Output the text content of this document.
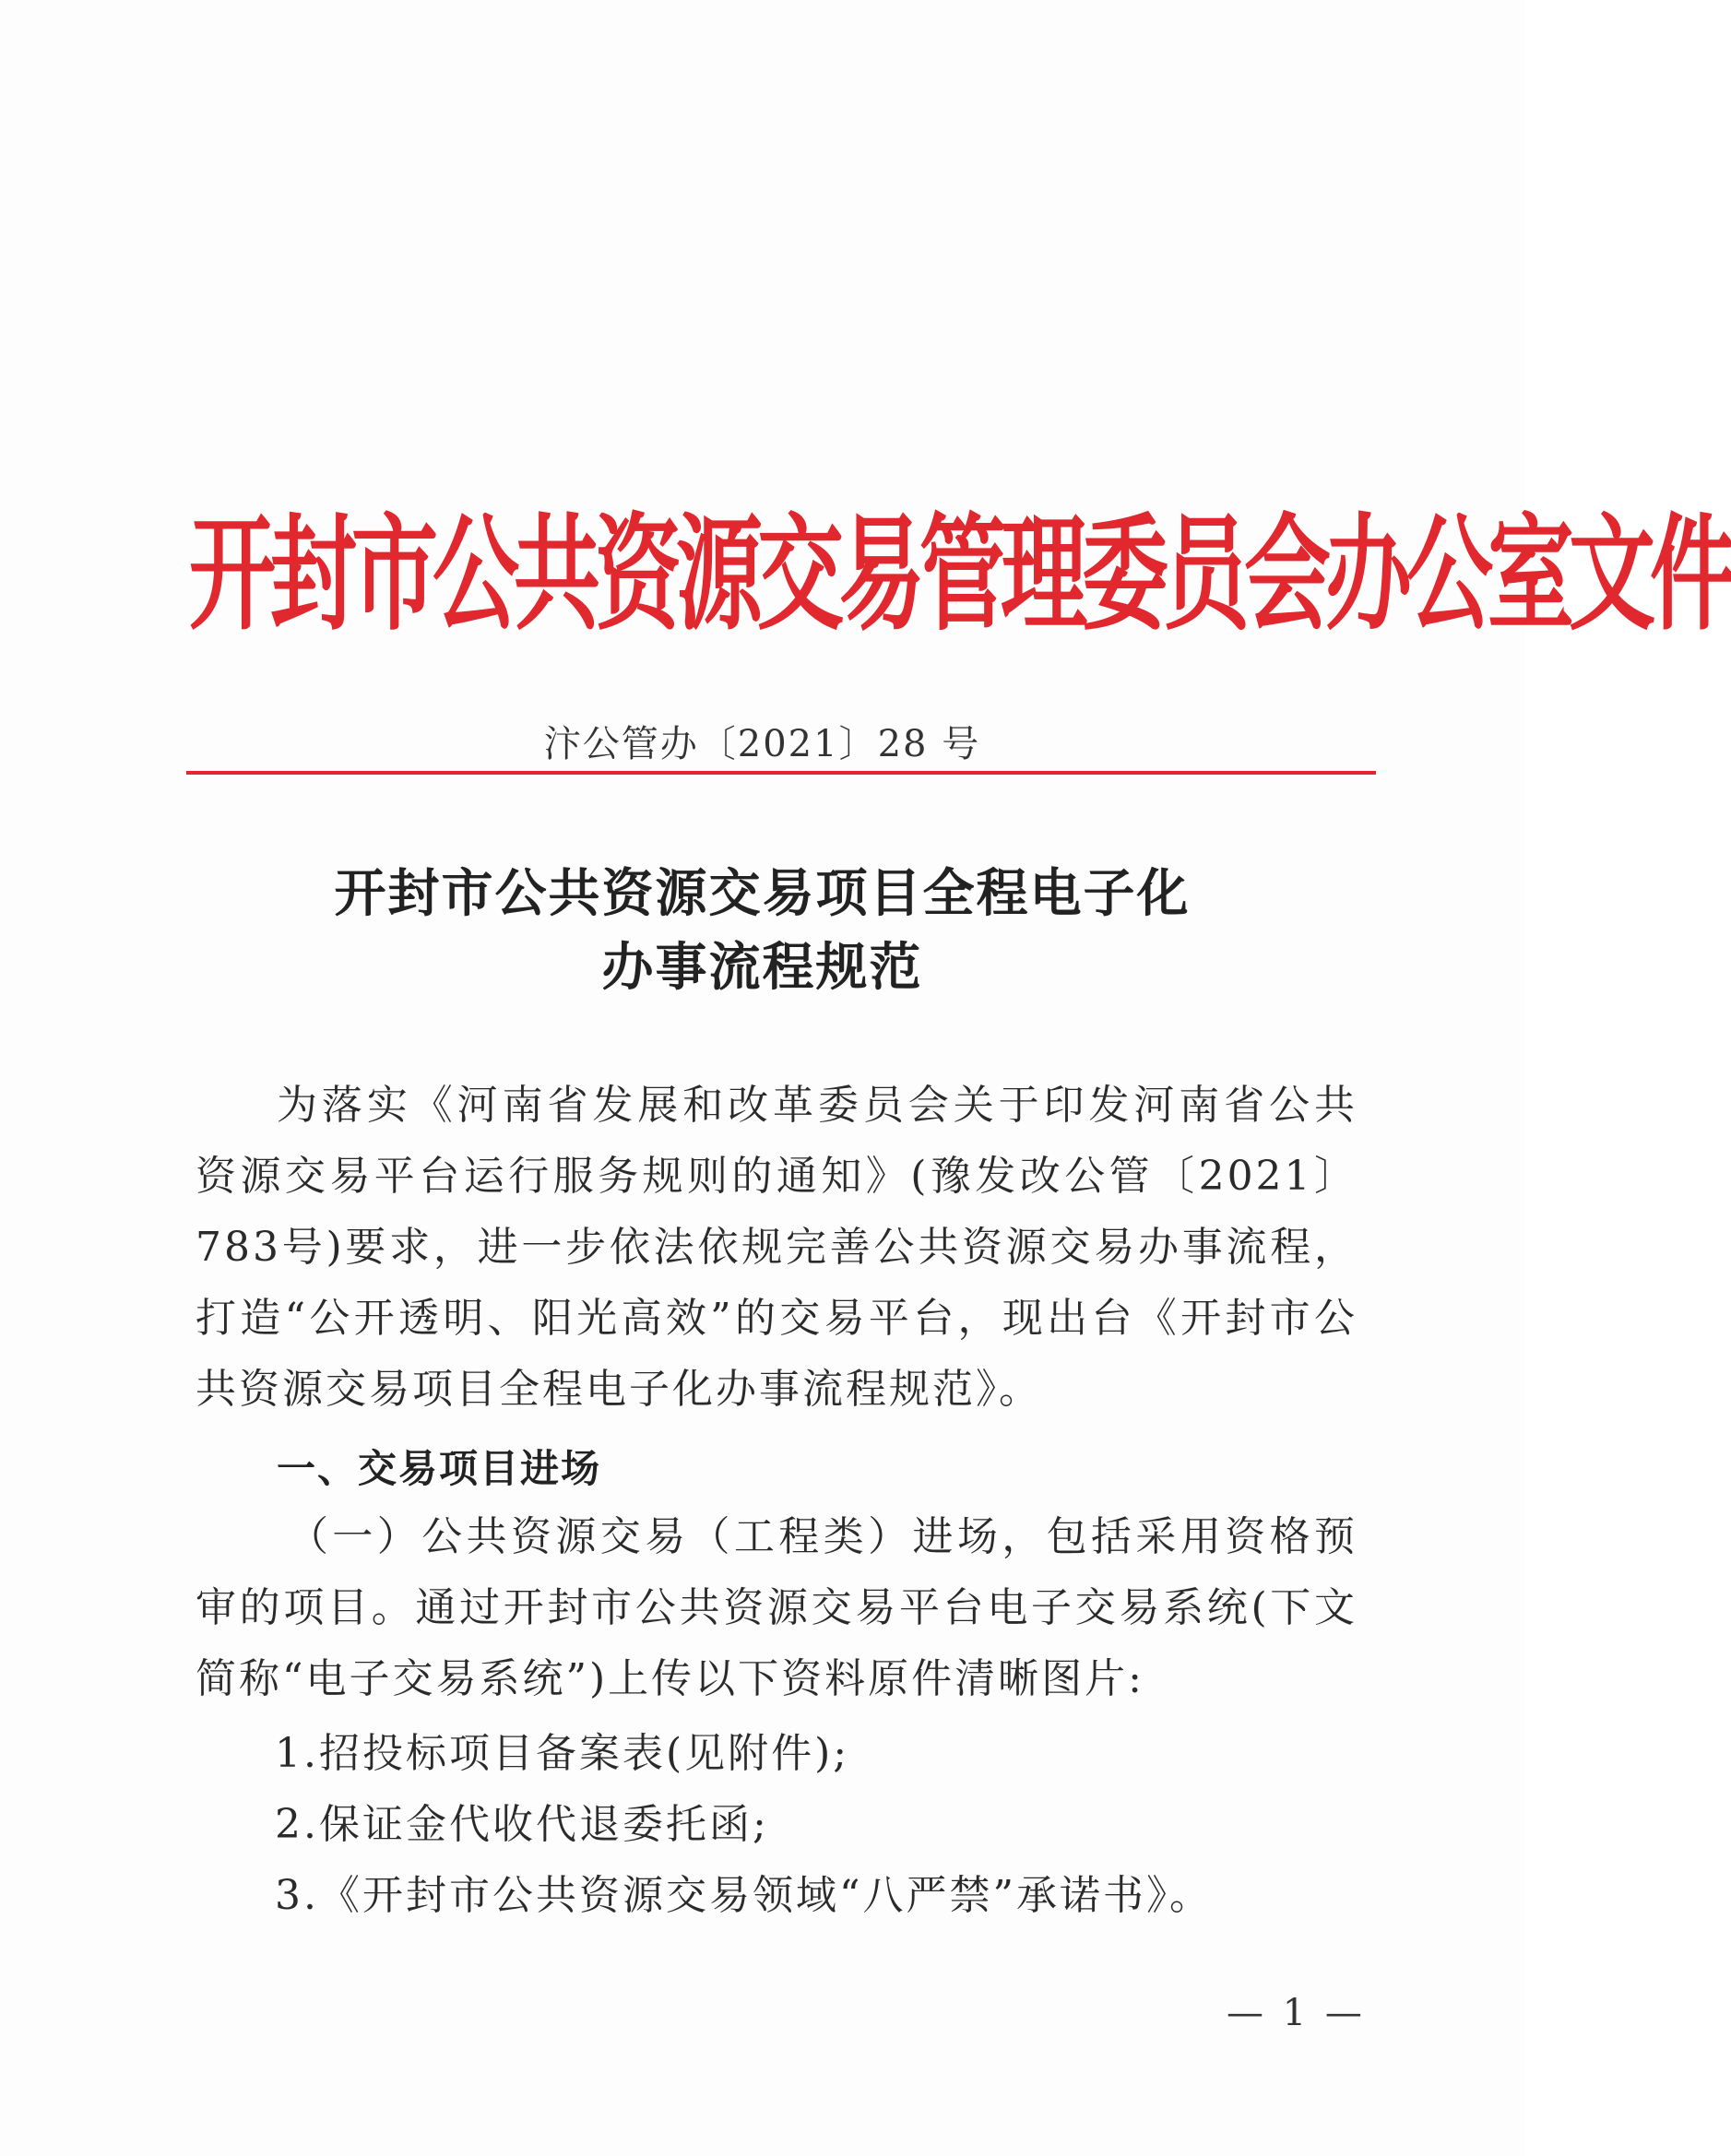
开封市公共资源交易管理委员会办公室文件
汴公管办〔2021〕28 号
开封市公共资源交易项目全程电子化
办事流程规范
为落实《河南省发展和改革委员会关于印发河南省公共资源交易平台运行服务规则的通知》(豫发改公管〔2021〕783号)要求，进一步依法依规完善公共资源交易办事流程，打造“公开透明、阳光高效”的交易平台，现出台《开封市公共资源交易项目全程电子化办事流程规范》。
一、交易项目进场
（一）公共资源交易（工程类）进场，包括采用资格预审的项目。通过开封市公共资源交易平台电子交易系统(下文简称“电子交易系统”)上传以下资料原件清晰图片:
1.招投标项目备案表(见附件);
2.保证金代收代退委托函;
3.《开封市公共资源交易领域“八严禁”承诺书》。
— 1 —
